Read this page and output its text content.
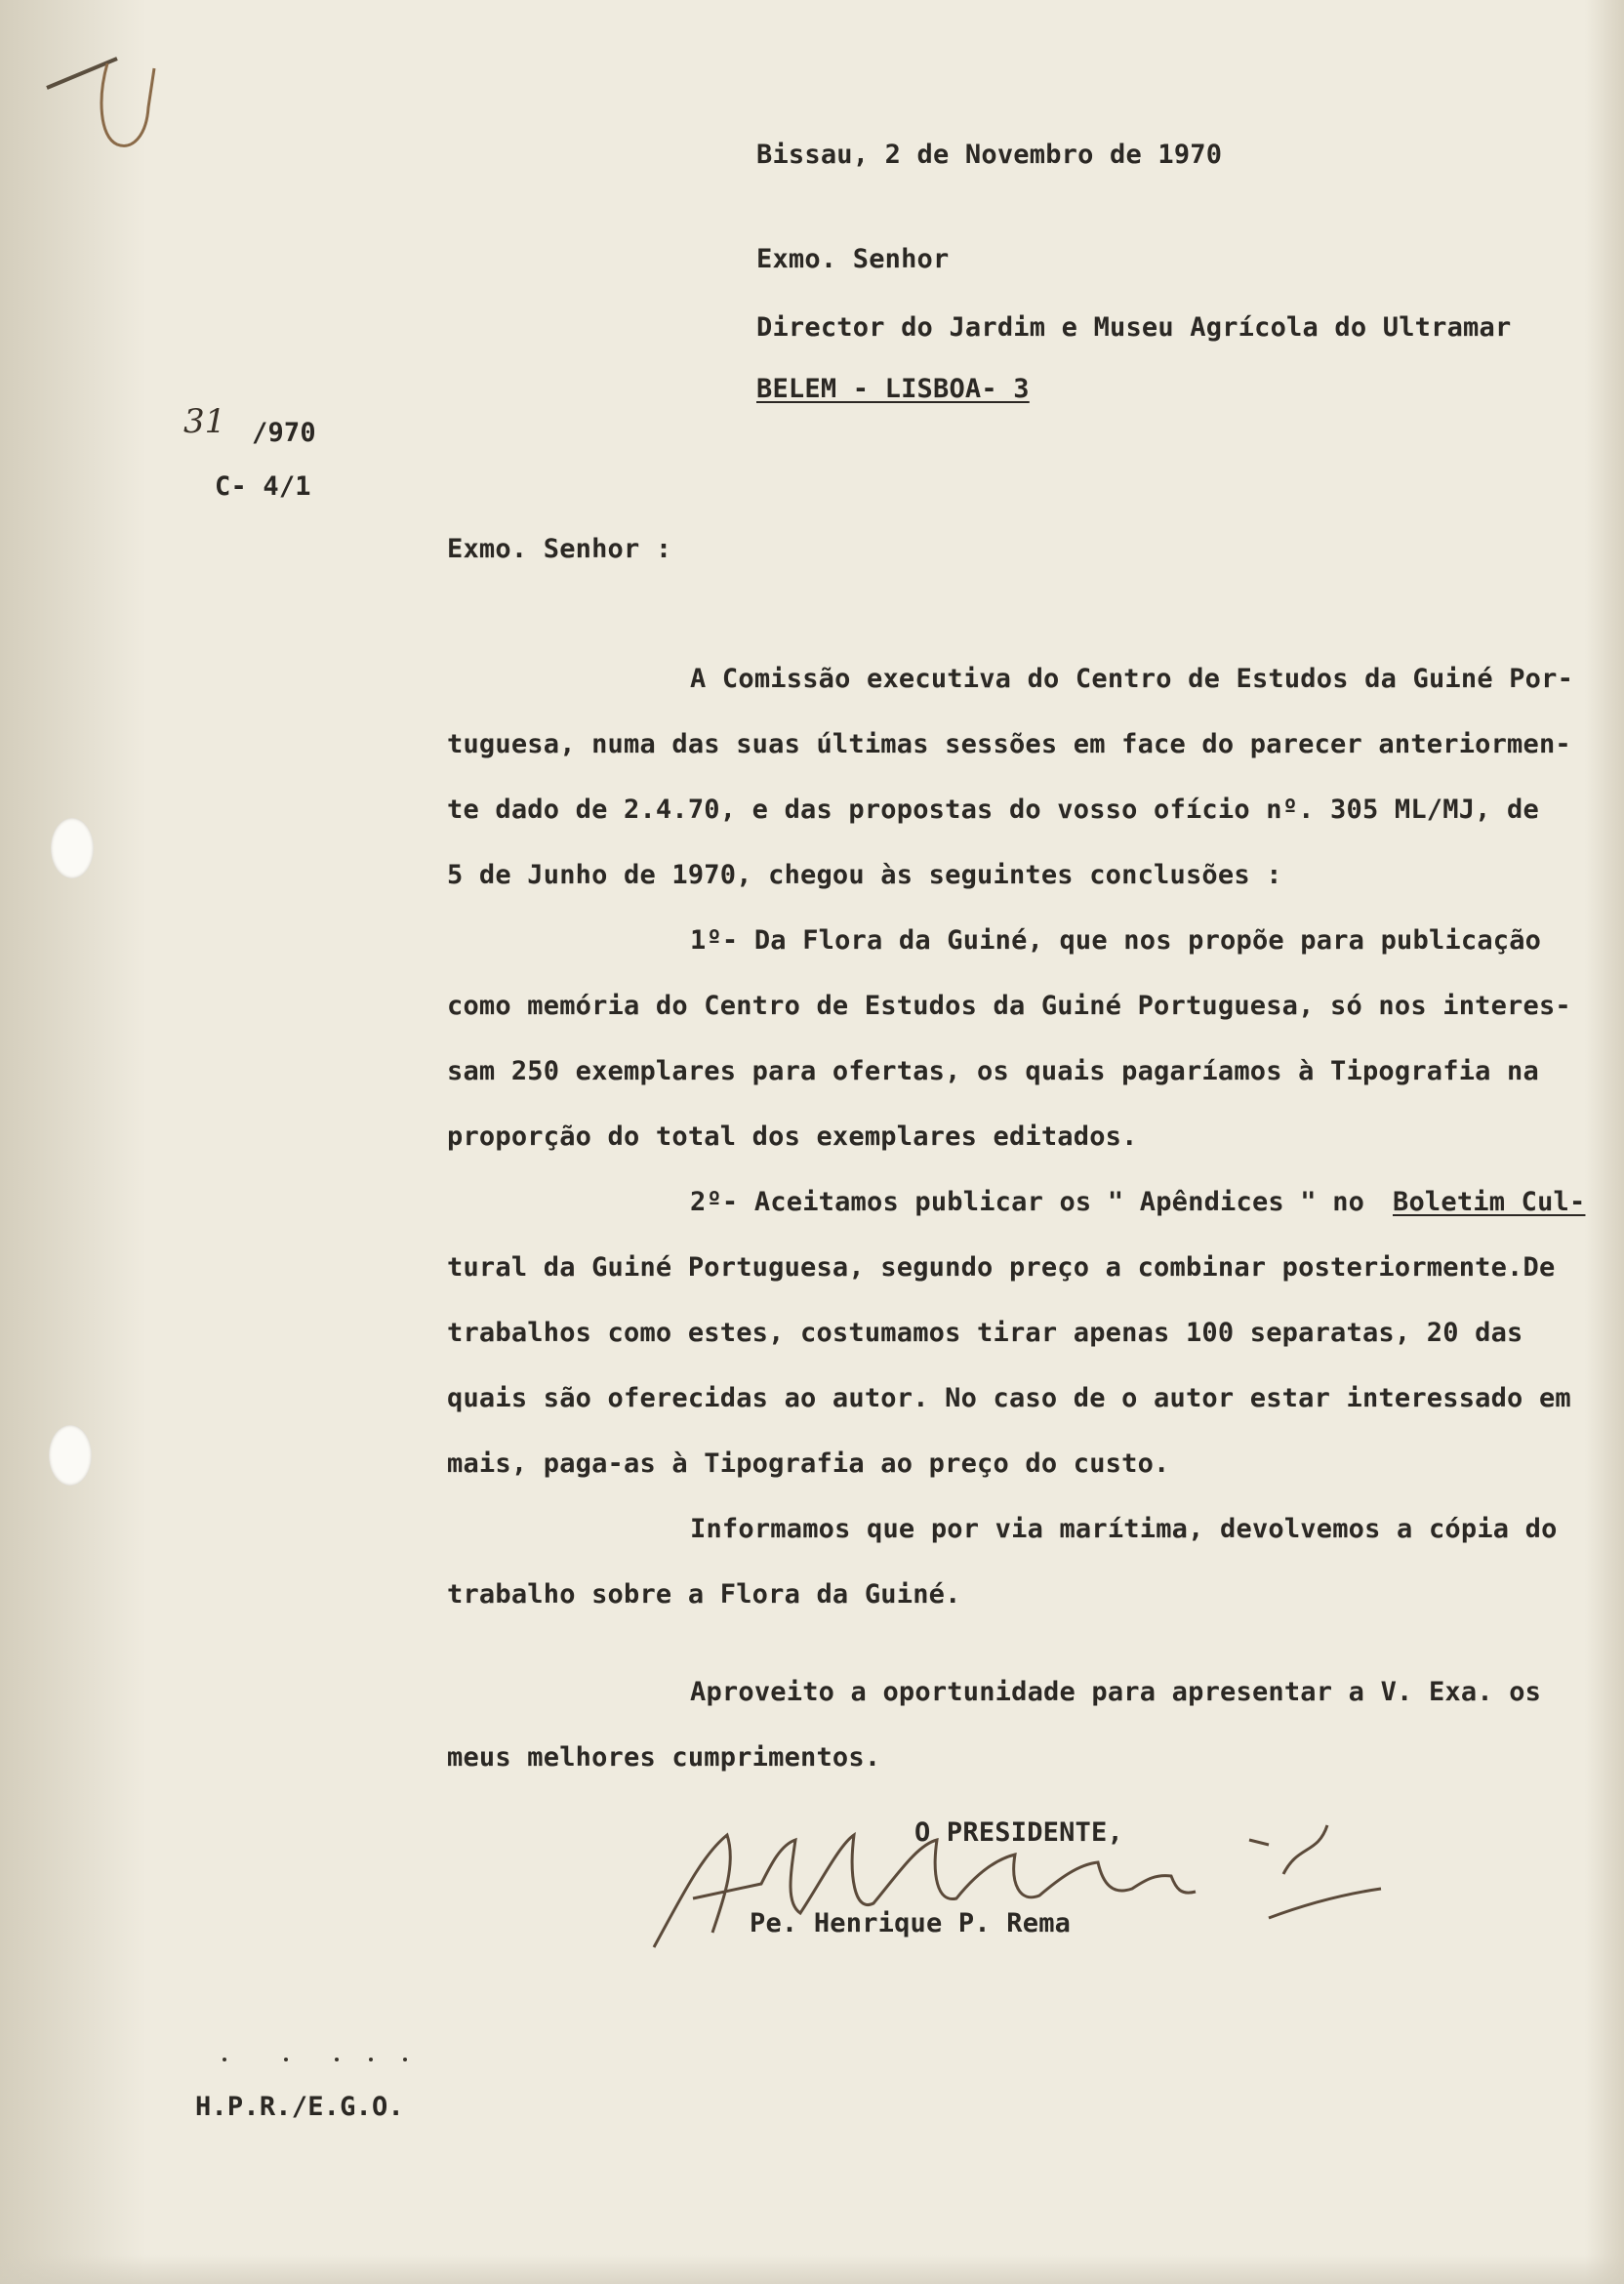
Bissau, 2 de Novembro de 1970
Exmo. Senhor
Director do Jardim e Museu Agrícola do Ultramar
BELEM - LISBOA- 3
31 /970
C- 4/1
Exmo. Senhor :
A Comissão executiva do Centro de Estudos da Guiné Por-
tuguesa, numa das suas últimas sessões em face do parecer anteriormen-
te dado de 2.4.70, e das propostas do vosso ofício nº. 305 ML/MJ, de
5 de Junho de 1970, chegou às seguintes conclusões :
1º- Da Flora da Guiné, que nos propõe para publicação
como memória do Centro de Estudos da Guiné Portuguesa, só nos interes-
sam 250 exemplares para ofertas, os quais pagaríamos à Tipografia na
proporção do total dos exemplares editados.
2º- Aceitamos publicar os " Apêndices " no Boletim Cul-
tural da Guiné Portuguesa, segundo preço a combinar posteriormente.De
trabalhos como estes, costumamos tirar apenas 100 separatas, 20 das
quais são oferecidas ao autor. No caso de o autor estar interessado em
mais, paga-as à Tipografia ao preço do custo.
Informamos que por via marítima, devolvemos a cópia do
trabalho sobre a Flora da Guiné.
Aproveito a oportunidade para apresentar a V. Exa. os
meus melhores cumprimentos.
O PRESIDENTE,
Pe. Henrique P. Rema
H.P.R./E.G.O.
